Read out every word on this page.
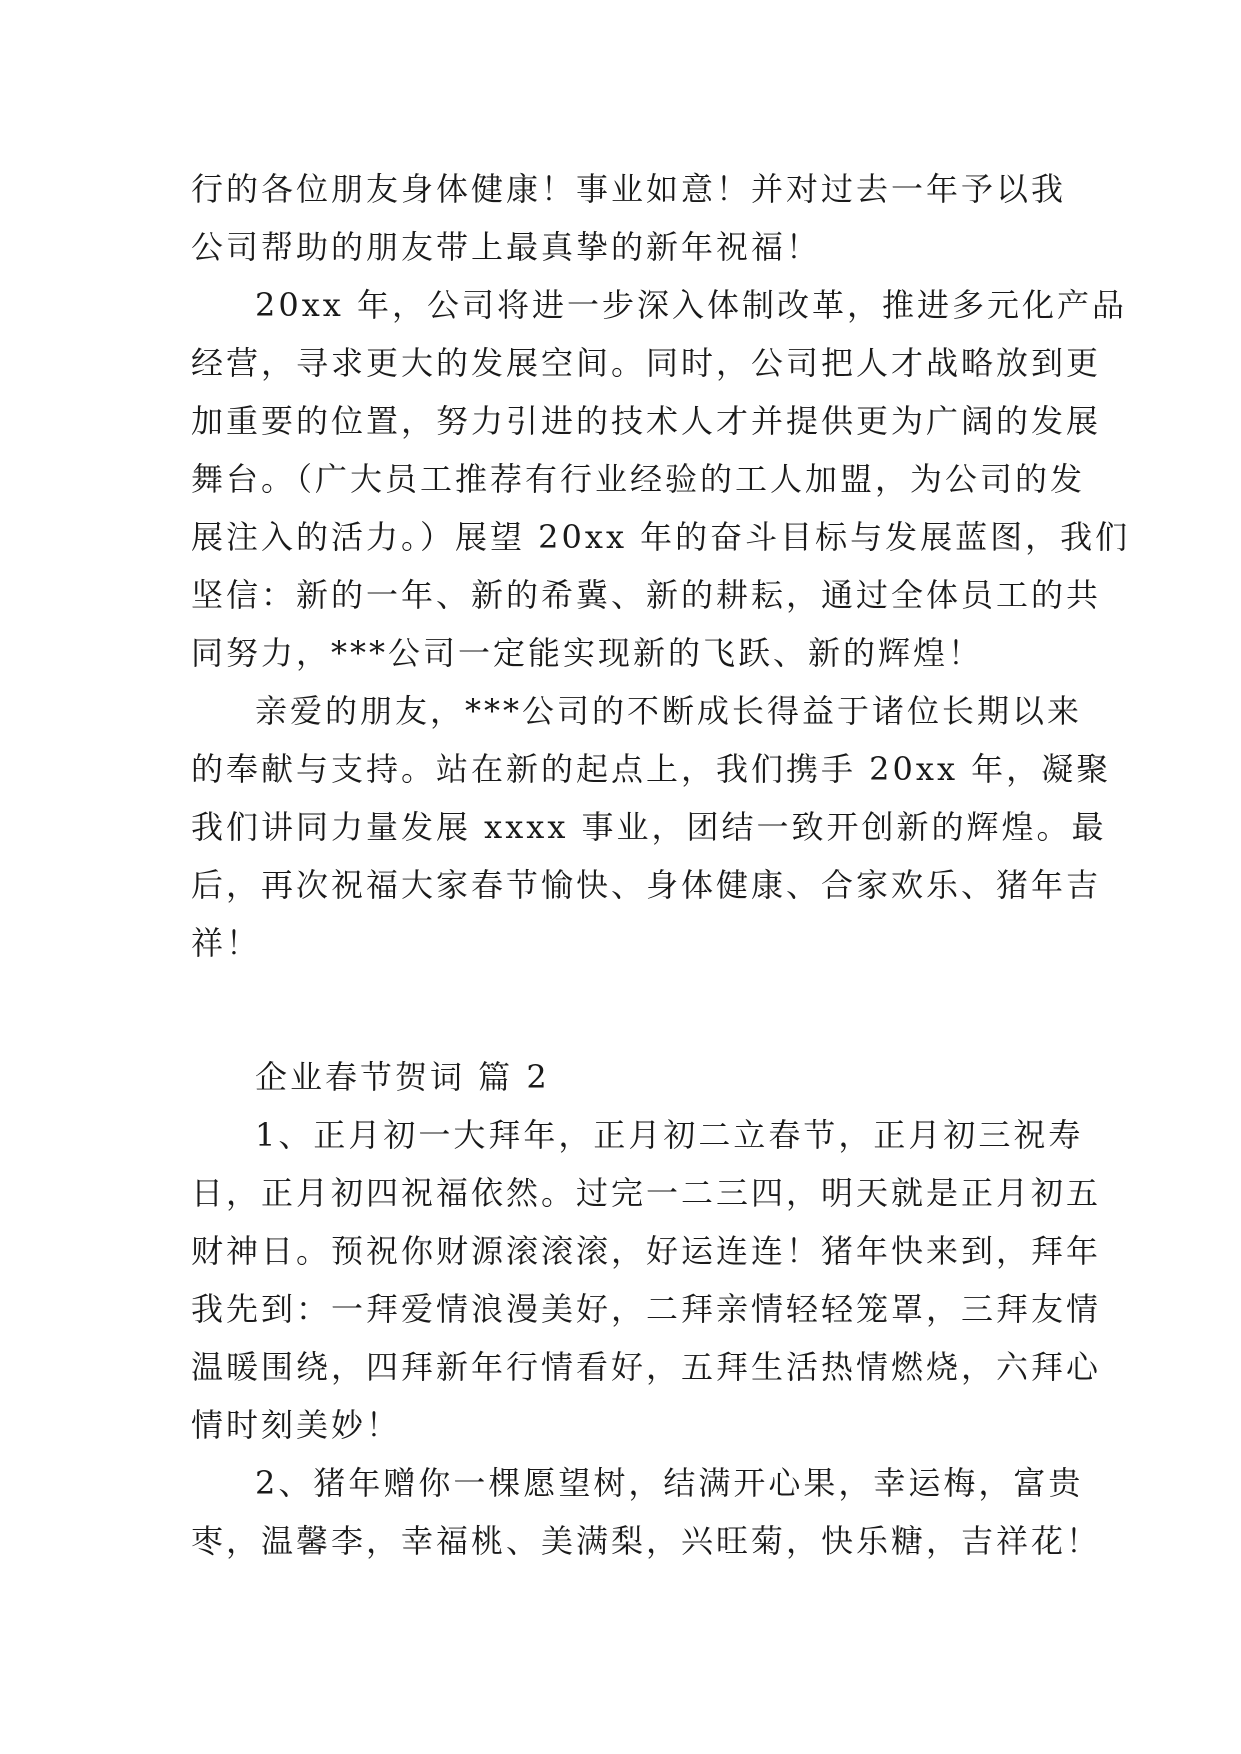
行的各位朋友身体健康！事业如意！并对过去一年予以我
公司帮助的朋友带上最真挚的新年祝福！
20xx 年，公司将进一步深入体制改革，推进多元化产品
经营，寻求更大的发展空间。同时，公司把人才战略放到更
加重要的位置，努力引进的技术人才并提供更为广阔的发展
舞台。（广大员工推荐有行业经验的工人加盟，为公司的发
展注入的活力。）展望 20xx 年的奋斗目标与发展蓝图，我们
坚信：新的一年、新的希冀、新的耕耘，通过全体员工的共
同努力，***公司一定能实现新的飞跃、新的辉煌！
亲爱的朋友，***公司的不断成长得益于诸位长期以来
的奉献与支持。站在新的起点上，我们携手 20xx 年，凝聚
我们讲同力量发展 xxxx 事业，团结一致开创新的辉煌。最
后，再次祝福大家春节愉快、身体健康、合家欢乐、猪年吉
祥！
企业春节贺词 篇 2
1、正月初一大拜年，正月初二立春节，正月初三祝寿
日，正月初四祝福依然。过完一二三四，明天就是正月初五
财神日。预祝你财源滚滚滚，好运连连！猪年快来到，拜年
我先到：一拜爱情浪漫美好，二拜亲情轻轻笼罩，三拜友情
温暖围绕，四拜新年行情看好，五拜生活热情燃烧，六拜心
情时刻美妙！
2、猪年赠你一棵愿望树，结满开心果，幸运梅，富贵
枣，温馨李，幸福桃、美满梨，兴旺菊，快乐糖，吉祥花！
